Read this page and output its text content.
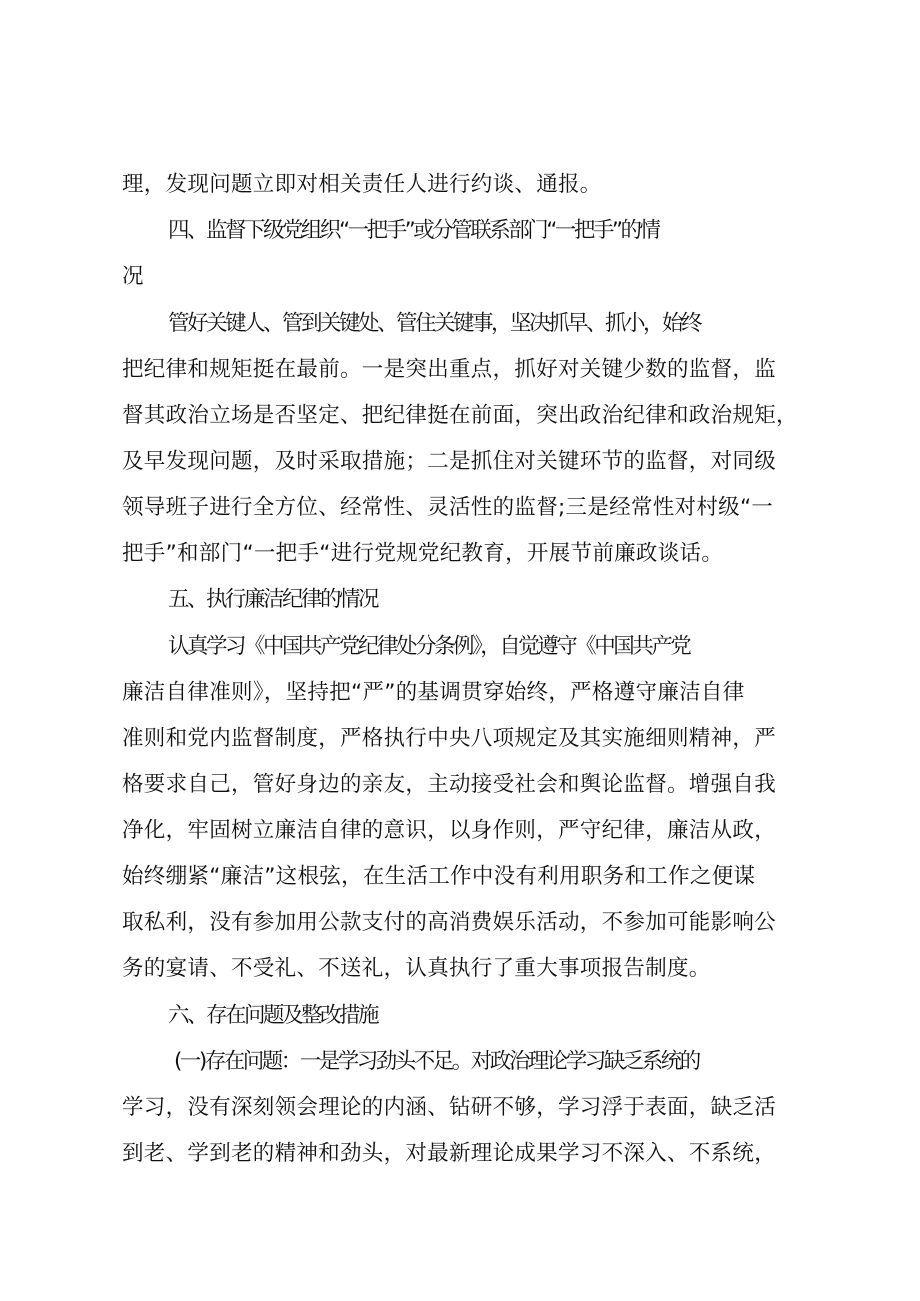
理，发现问题立即对相关责任人进行约谈、通报。

四、监督下级党组织“一把手”或分管联系部门“一把手”的情

况

管好关键人、管到关键处、管住关键事，坚决抓早、抓小，始终

把纪律和规矩挺在最前。一是突出重点，抓好对关键少数的监督，监

督其政治立场是否坚定、把纪律挺在前面，突出政治纪律和政治规矩，

及早发现问题，及时采取措施；二是抓住对关键环节的监督，对同级

领导班子进行全方位、经常性、灵活性的监督;三是经常性对村级“一

把手”和部门“一把手“进行党规党纪教育，开展节前廉政谈话。

五、执行廉洁纪律的情况

认真学习《中国共产党纪律处分条例》，自觉遵守《中国共产党

廉洁自律准则》，坚持把“严”的基调贯穿始终，严格遵守廉洁自律

准则和党内监督制度，严格执行中央八项规定及其实施细则精神，严

格要求自己，管好身边的亲友，主动接受社会和舆论监督。增强自我

净化，牢固树立廉洁自律的意识，以身作则，严守纪律，廉洁从政，

始终绷紧“廉洁”这根弦，在生活工作中没有利用职务和工作之便谋

取私利，没有参加用公款支付的高消费娱乐活动，不参加可能影响公

务的宴请、不受礼、不送礼，认真执行了重大事项报告制度。

六、存在问题及整改措施

(一)存在问题：一是学习劲头不足。对政治理论学习缺乏系统的

学习，没有深刻领会理论的内涵、钻研不够，学习浮于表面，缺乏活

到老、学到老的精神和劲头，对最新理论成果学习不深入、不系统，
